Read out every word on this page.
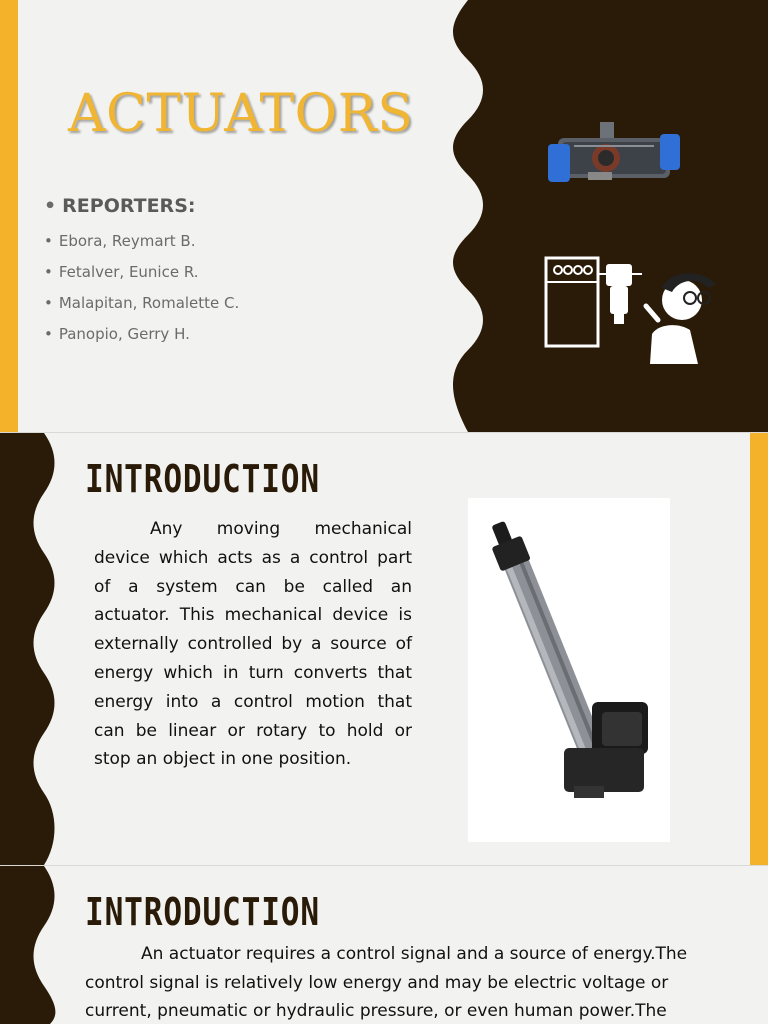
ACTUATORS
• REPORTERS:
• Ebora, Reymart B.
• Fetalver, Eunice R.
• Malapitan, Romalette C.
• Panopio, Gerry H.
INTRODUCTION

Any moving mechanical device which acts as a control part of a system can be called an actuator. This mechanical device is externally controlled by a source of energy which in turn converts that energy into a control motion that can be linear or rotary to hold or stop an object in one position.

INTRODUCTION

An actuator requires a control signal and a source of energy.The control signal is relatively low energy and may be electric voltage or current, pneumatic or hydraulic pressure, or even human power.The
